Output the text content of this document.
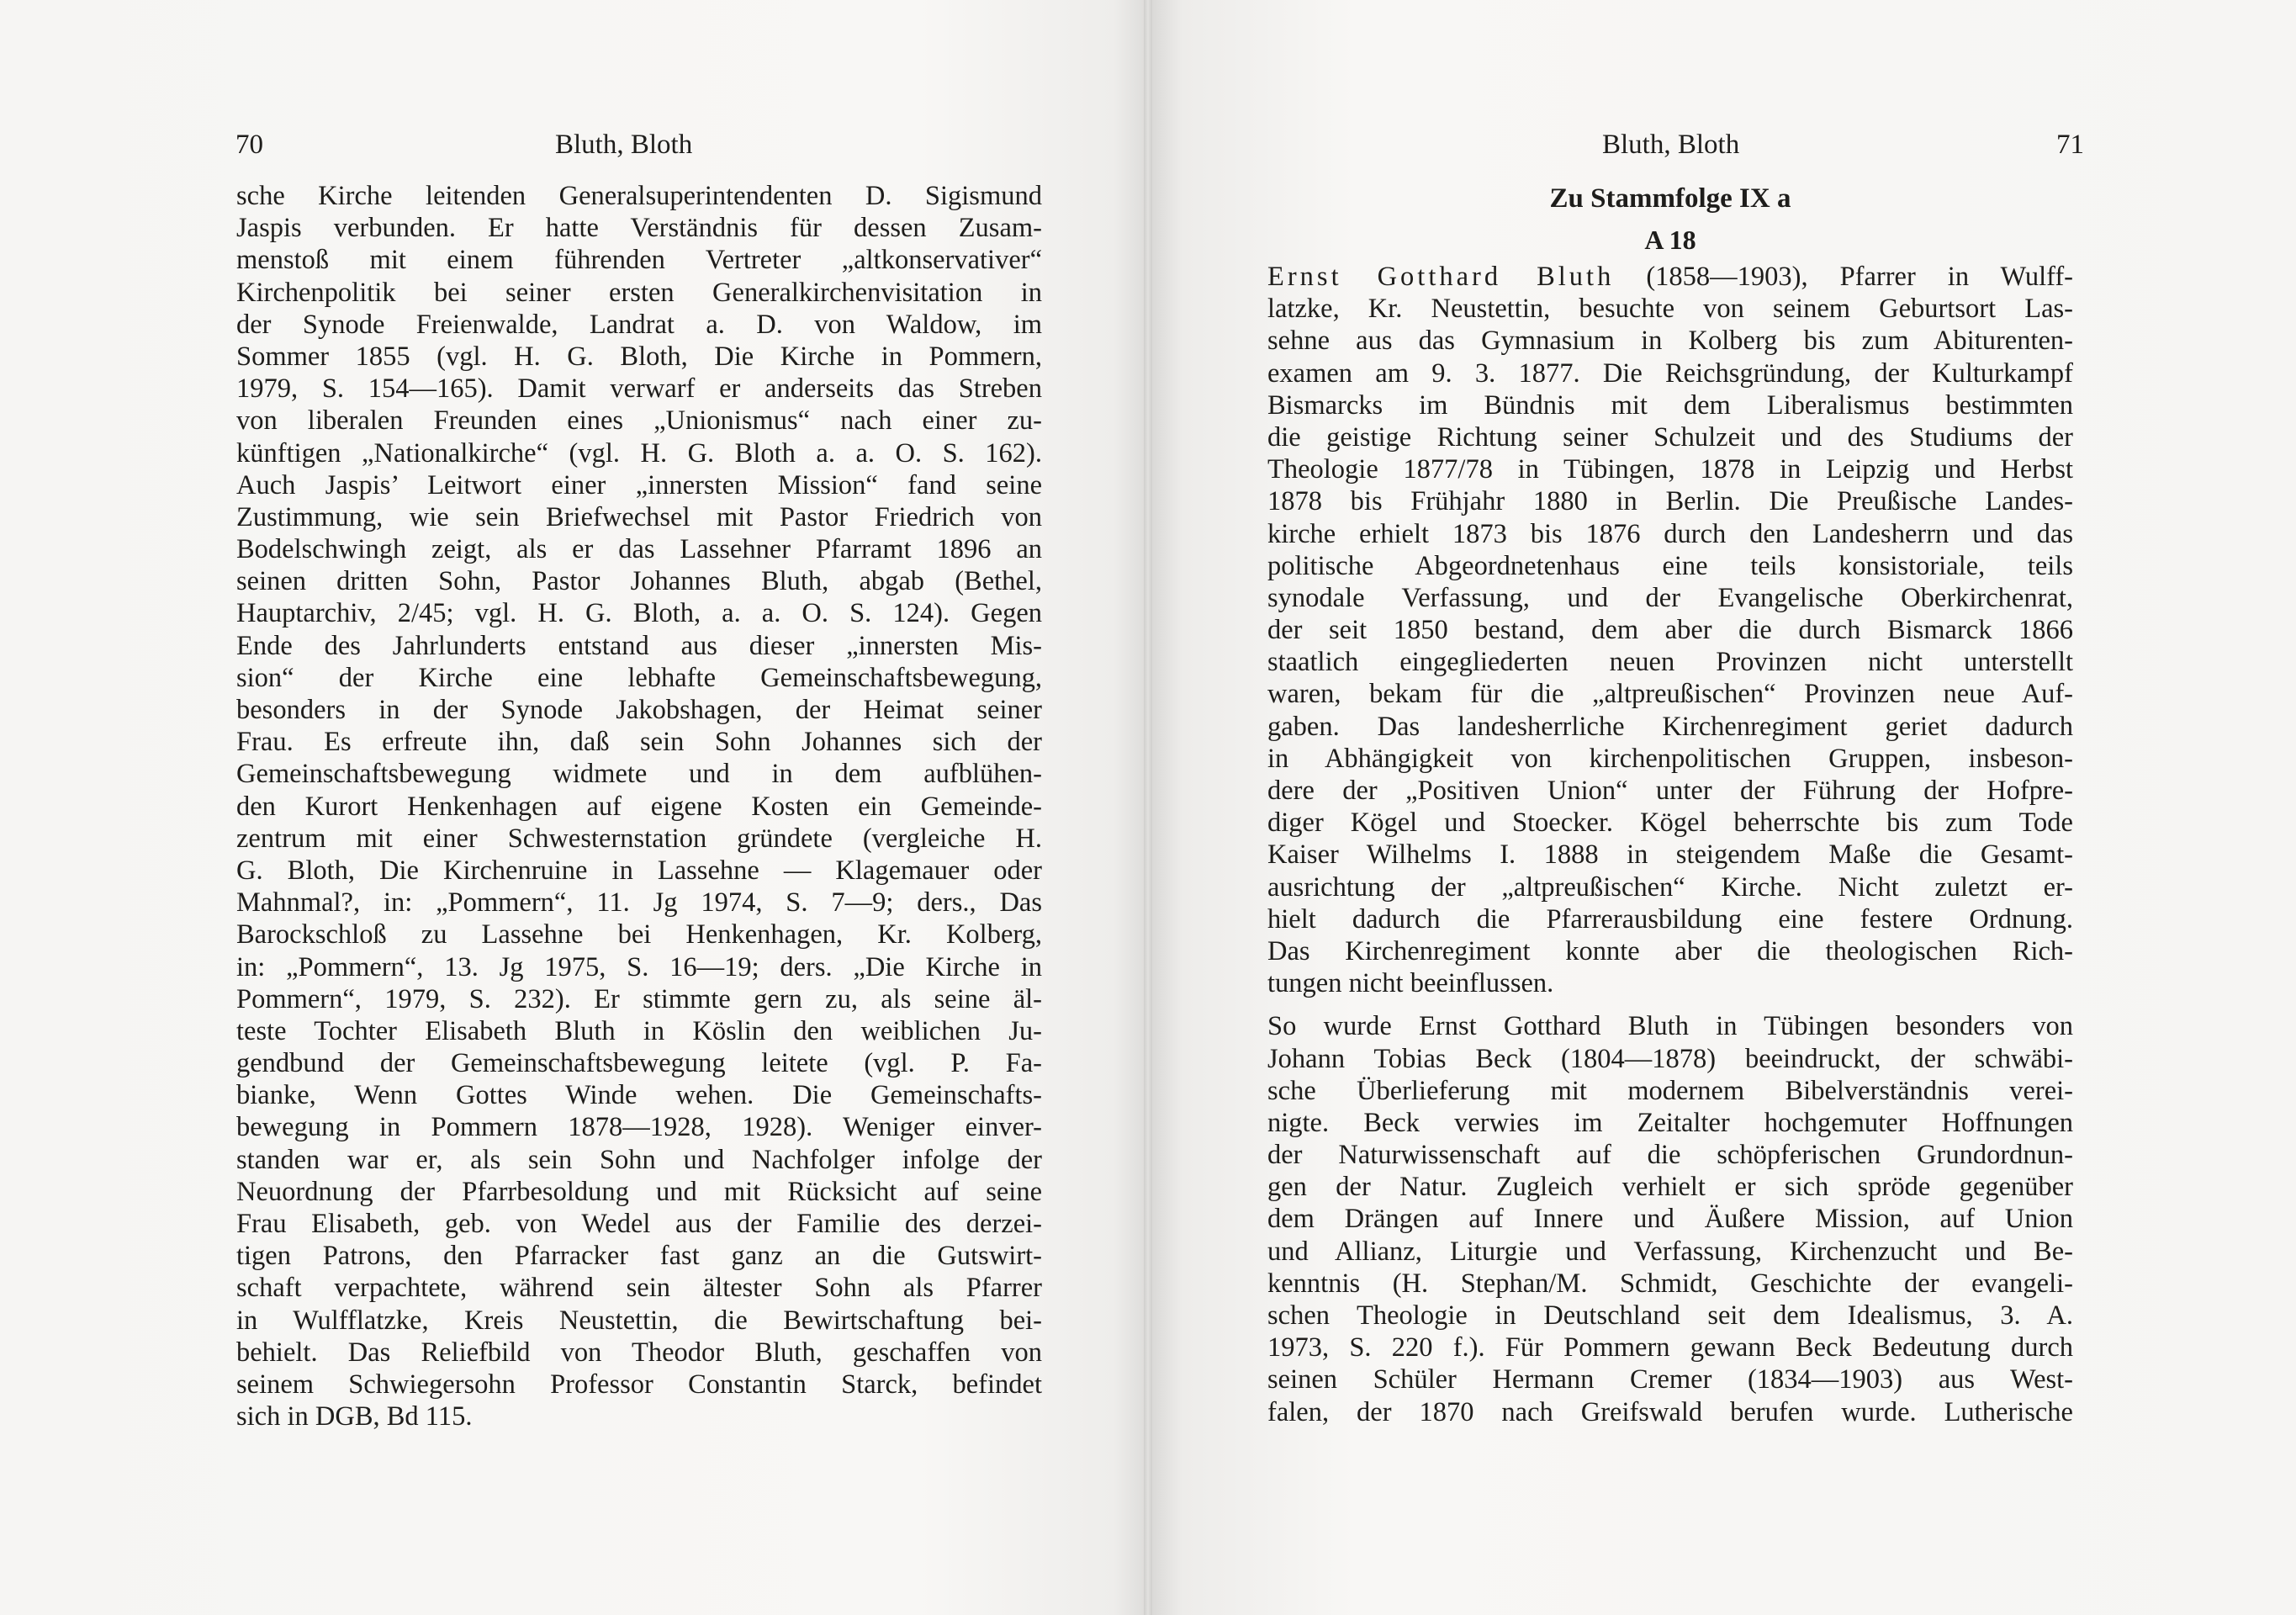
70	Bluth, Bloth
sche Kirche leitenden Generalsuperintendenten D. Sigismund
Jaspis verbunden. Er hatte Verständnis für dessen Zusam-
menstoß mit einem führenden Vertreter „altkonservativer“
Kirchenpolitik bei seiner ersten Generalkirchenvisitation in
der Synode Freienwalde, Landrat a. D. von Waldow, im
Sommer 1855 (vgl. H. G. Bloth, Die Kirche in Pommern,
1979, S. 154—165). Damit verwarf er anderseits das Streben
von liberalen Freunden eines „Unionismus“ nach einer zu-
künftigen „Nationalkirche“ (vgl. H. G. Bloth a. a. O. S. 162).
Auch Jaspis’ Leitwort einer „innersten Mission“ fand seine
Zustimmung, wie sein Briefwechsel mit Pastor Friedrich von
Bodelschwingh zeigt, als er das Lassehner Pfarramt 1896 an
seinen dritten Sohn, Pastor Johannes Bluth, abgab (Bethel,
Hauptarchiv, 2/45; vgl. H. G. Bloth, a. a. O. S. 124). Gegen
Ende des Jahrlunderts entstand aus dieser „innersten Mis-
sion“ der Kirche eine lebhafte Gemeinschaftsbewegung,
besonders in der Synode Jakobshagen, der Heimat seiner
Frau. Es erfreute ihn, daß sein Sohn Johannes sich der
Gemeinschaftsbewegung widmete und in dem aufblühen-
den Kurort Henkenhagen auf eigene Kosten ein Gemeinde-
zentrum mit einer Schwesternstation gründete (vergleiche H.
G. Bloth, Die Kirchenruine in Lassehne — Klagemauer oder
Mahnmal?, in: „Pommern“, 11. Jg 1974, S. 7—9; ders., Das
Barockschloß zu Lassehne bei Henkenhagen, Kr. Kolberg,
in: „Pommern“, 13. Jg 1975, S. 16—19; ders. „Die Kirche in
Pommern“, 1979, S. 232). Er stimmte gern zu, als seine äl-
teste Tochter Elisabeth Bluth in Köslin den weiblichen Ju-
gendbund der Gemeinschaftsbewegung leitete (vgl. P. Fa-
bianke, Wenn Gottes Winde wehen. Die Gemeinschafts-
bewegung in Pommern 1878—1928, 1928). Weniger einver-
standen war er, als sein Sohn und Nachfolger infolge der
Neuordnung der Pfarrbesoldung und mit Rücksicht auf seine
Frau Elisabeth, geb. von Wedel aus der Familie des derzei-
tigen Patrons, den Pfarracker fast ganz an die Gutswirt-
schaft verpachtete, während sein ältester Sohn als Pfarrer
in Wulfflatzke, Kreis Neustettin, die Bewirtschaftung bei-
behielt. Das Reliefbild von Theodor Bluth, geschaffen von
seinem Schwiegersohn Professor Constantin Starck, befindet
sich in DGB, Bd 115.
Bluth, Bloth	71
Zu Stammfolge IX a
A 18
Ernst Gotthard Bluth (1858—1903), Pfarrer in Wulff-
latzke, Kr. Neustettin, besuchte von seinem Geburtsort Las-
sehne aus das Gymnasium in Kolberg bis zum Abiturenten-
examen am 9. 3. 1877. Die Reichsgründung, der Kulturkampf
Bismarcks im Bündnis mit dem Liberalismus bestimmten
die geistige Richtung seiner Schulzeit und des Studiums der
Theologie 1877/78 in Tübingen, 1878 in Leipzig und Herbst
1878 bis Frühjahr 1880 in Berlin. Die Preußische Landes-
kirche erhielt 1873 bis 1876 durch den Landesherrn und das
politische Abgeordnetenhaus eine teils konsistoriale, teils
synodale Verfassung, und der Evangelische Oberkirchenrat,
der seit 1850 bestand, dem aber die durch Bismarck 1866
staatlich eingegliederten neuen Provinzen nicht unterstellt
waren, bekam für die „altpreußischen“ Provinzen neue Auf-
gaben. Das landesherrliche Kirchenregiment geriet dadurch
in Abhängigkeit von kirchenpolitischen Gruppen, insbeson-
dere der „Positiven Union“ unter der Führung der Hofpre-
diger Kögel und Stoecker. Kögel beherrschte bis zum Tode
Kaiser Wilhelms I. 1888 in steigendem Maße die Gesamt-
ausrichtung der „altpreußischen“ Kirche. Nicht zuletzt er-
hielt dadurch die Pfarrerausbildung eine festere Ordnung.
Das Kirchenregiment konnte aber die theologischen Rich-
tungen nicht beeinflussen.
So wurde Ernst Gotthard Bluth in Tübingen besonders von
Johann Tobias Beck (1804—1878) beeindruckt, der schwäbi-
sche Überlieferung mit modernem Bibelverständnis verei-
nigte. Beck verwies im Zeitalter hochgemuter Hoffnungen
der Naturwissenschaft auf die schöpferischen Grundordnun-
gen der Natur. Zugleich verhielt er sich spröde gegenüber
dem Drängen auf Innere und Äußere Mission, auf Union
und Allianz, Liturgie und Verfassung, Kirchenzucht und Be-
kenntnis (H. Stephan/M. Schmidt, Geschichte der evangeli-
schen Theologie in Deutschland seit dem Idealismus, 3. A.
1973, S. 220 f.). Für Pommern gewann Beck Bedeutung durch
seinen Schüler Hermann Cremer (1834—1903) aus West-
falen, der 1870 nach Greifswald berufen wurde. Lutherische
